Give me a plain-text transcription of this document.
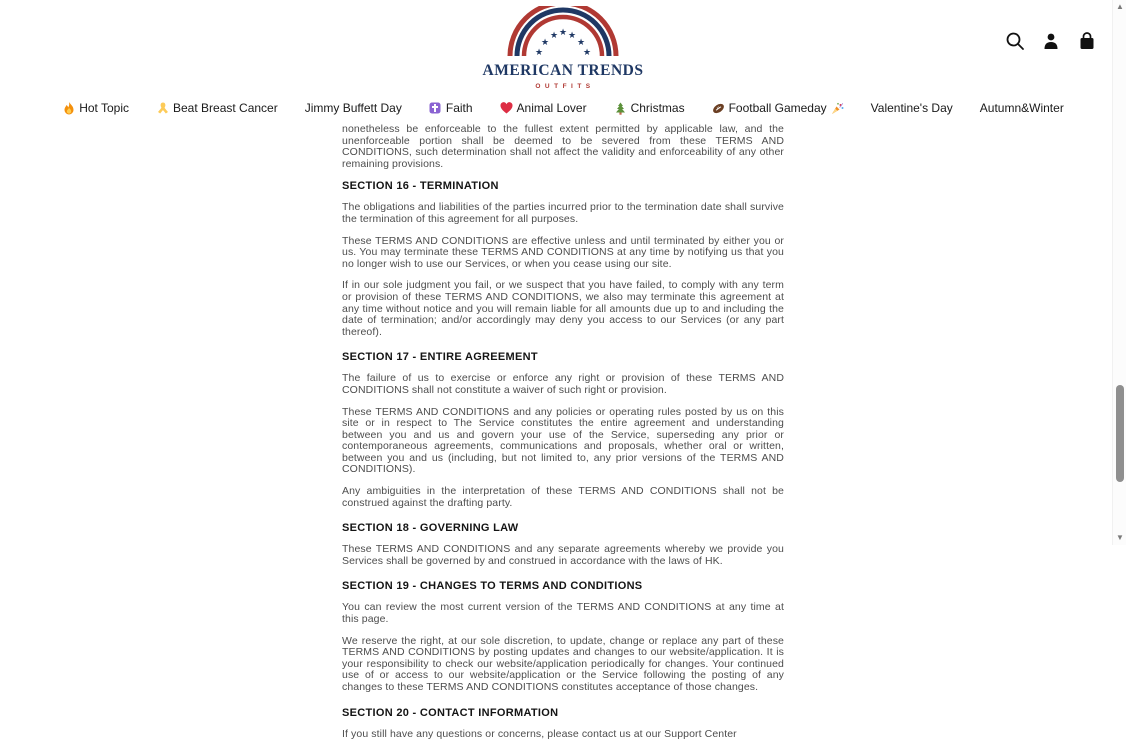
★
★
★ ★ ★
★
★
AMERICAN TRENDS
OUTFITS
Hot Topic	Beat Breast Cancer Jimmy Buffett Day	Faith	Animal Lover	Christmas	Football Gameday	Valentine's Day Autumn&Winter

nonetheless be enforceable to the fullest extent permitted by applicable law, and the unenforceable portion shall be deemed to be severed from these TERMS AND CONDITIONS, such determination shall not affect the validity and enforceability of any other remaining provisions.

SECTION 16 - TERMINATION

The obligations and liabilities of the parties incurred prior to the termination date shall survive the termination of this agreement for all purposes.

These TERMS AND CONDITIONS are effective unless and until terminated by either you or us. You may terminate these TERMS AND CONDITIONS at any time by notifying us that you no longer wish to use our Services, or when you cease using our site.

If in our sole judgment you fail, or we suspect that you have failed, to comply with any term or provision of these TERMS AND CONDITIONS, we also may terminate this agreement at any time without notice and you will remain liable for all amounts due up to and including the date of termination; and/or accordingly may deny you access to our Services (or any part thereof).

SECTION 17 - ENTIRE AGREEMENT

The failure of us to exercise or enforce any right or provision of these TERMS AND CONDITIONS shall not constitute a waiver of such right or provision.

These TERMS AND CONDITIONS and any policies or operating rules posted by us on this site or in respect to The Service constitutes the entire agreement and understanding between you and us and govern your use of the Service, superseding any prior or contemporaneous agreements, communications and proposals, whether oral or written, between you and us (including, but not limited to, any prior versions of the TERMS AND CONDITIONS).

Any ambiguities in the interpretation of these TERMS AND CONDITIONS shall not be construed against the drafting party.

SECTION 18 - GOVERNING LAW

These TERMS AND CONDITIONS and any separate agreements whereby we provide you Services shall be governed by and construed in accordance with the laws of HK.

SECTION 19 - CHANGES TO TERMS AND CONDITIONS

You can review the most current version of the TERMS AND CONDITIONS at any time at this page.

We reserve the right, at our sole discretion, to update, change or replace any part of these TERMS AND CONDITIONS by posting updates and changes to our website/application. It is your responsibility to check our website/application periodically for changes. Your continued use of or access to our website/application or the Service following the posting of any changes to these TERMS AND CONDITIONS constitutes acceptance of those changes.

SECTION 20 - CONTACT INFORMATION

If you still have any questions or concerns, please contact us at our Support Center

▲
▼
